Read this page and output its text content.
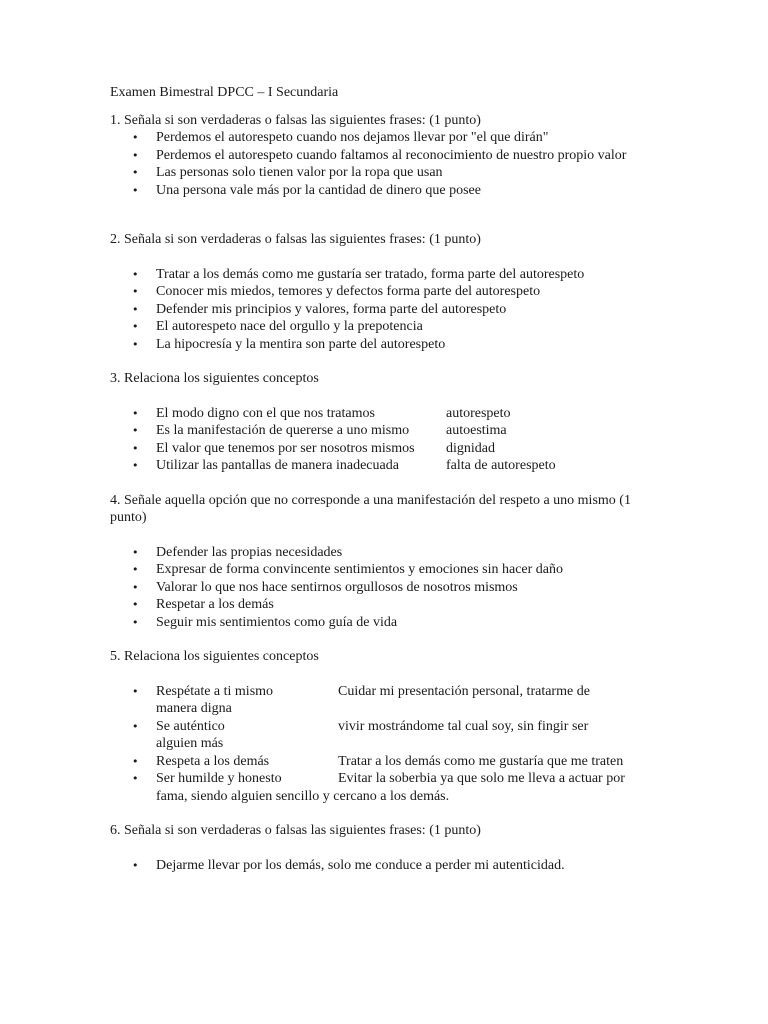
Examen Bimestral DPCC – I Secundaria

1. Señala si son verdaderas o falsas las siguientes frases: (1 punto)

• Perdemos el autorespeto cuando nos dejamos llevar por "el que dirán"
• Perdemos el autorespeto cuando faltamos al reconocimiento de nuestro propio valor
• Las personas solo tienen valor por la ropa que usan
• Una persona vale más por la cantidad de dinero que posee

2. Señala si son verdaderas o falsas las siguientes frases: (1 punto)

• Tratar a los demás como me gustaría ser tratado, forma parte del autorespeto
• Conocer mis miedos, temores y defectos forma parte del autorespeto
• Defender mis principios y valores, forma parte del autorespeto
• El autorespeto nace del orgullo y la prepotencia
• La hipocresía y la mentira son parte del autorespeto

3. Relaciona los siguientes conceptos

• El modo digno con el que nos tratamos	autorespeto
• Es la manifestación de quererse a uno mismo	autoestima
• El valor que tenemos por ser nosotros mismos	dignidad
• Utilizar las pantallas de manera inadecuada	falta de autorespeto

4. Señale aquella opción que no corresponde a una manifestación del respeto a uno mismo (1 punto)

• Defender las propias necesidades
• Expresar de forma convincente sentimientos y emociones sin hacer daño
• Valorar lo que nos hace sentirnos orgullosos de nosotros mismos
• Respetar a los demás
• Seguir mis sentimientos como guía de vida

5. Relaciona los siguientes conceptos

• Respétate a ti mismo	Cuidar mi presentación personal, tratarme de
manera digna
• Se auténtico	vivir mostrándome tal cual soy, sin fingir ser
alguien más
• Respeta a los demás	Tratar a los demás como me gustaría que me traten
• Ser humilde y honesto	Evitar la soberbia ya que solo me lleva a actuar por
fama, siendo alguien sencillo y cercano a los demás.

6. Señala si son verdaderas o falsas las siguientes frases: (1 punto)

• Dejarme llevar por los demás, solo me conduce a perder mi autenticidad.
